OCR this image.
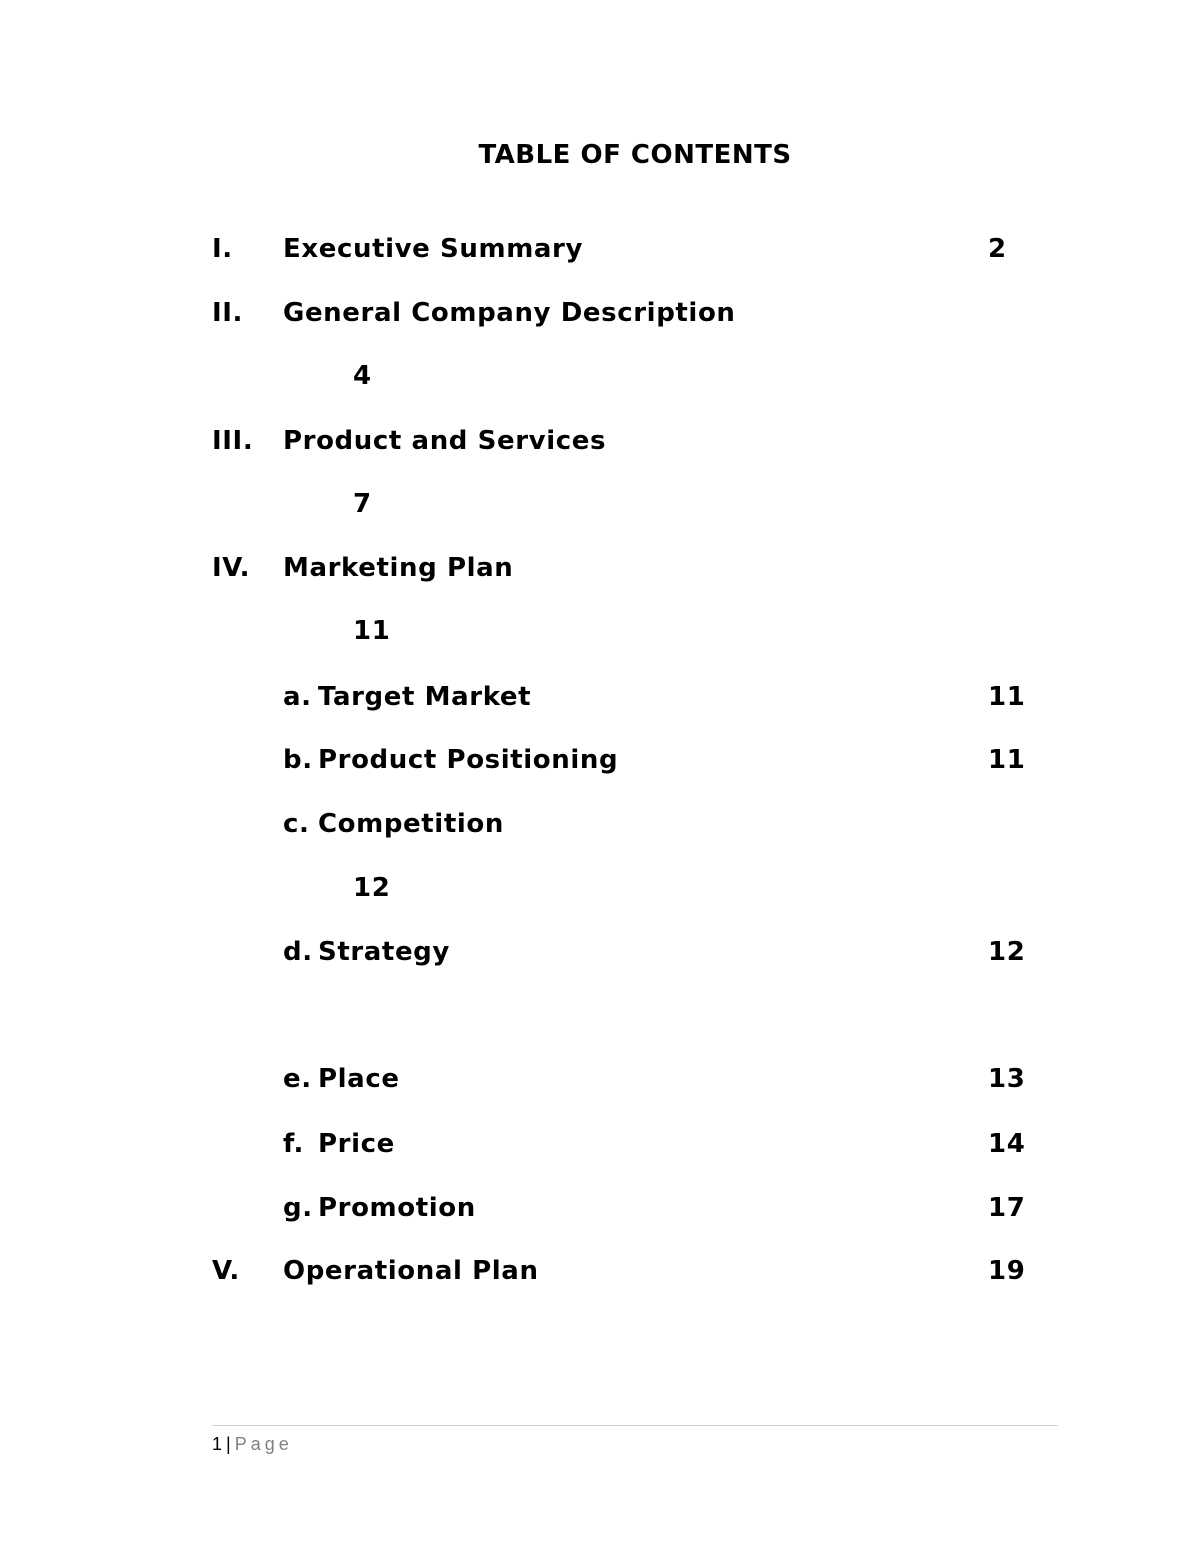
TABLE OF CONTENTS
I. Executive Summary	2
II. General Company Description
4
III. Product and Services
7
IV. Marketing Plan
11
a. Target Market	11
b. Product Positioning	11
c. Competition
12
d. Strategy	12
e. Place	13
f. Price	14
g. Promotion	17
V. Operational Plan	19
1 | Page
